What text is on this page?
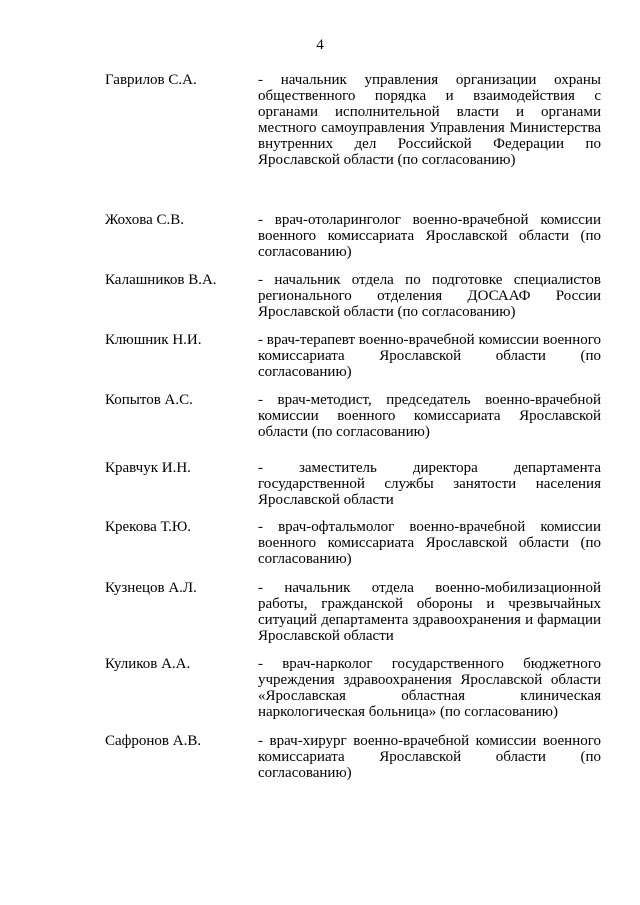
4
Гаврилов С.А.	- начальник управления организации охраны общественного порядка и взаимодействия с органами исполнительной власти и органами местного самоуправления Управления Министерства внутренних дел Российской Федерации по Ярославской области (по согласованию)
Жохова С.В.	- врач-отоларинголог военно-врачебной комиссии военного комиссариата Ярославской области (по согласованию)
Калашников В.А.	- начальник отдела по подготовке специалистов регионального отделения ДОСААФ России Ярославской области (по согласованию)
Клюшник Н.И.	- врач-терапевт военно-врачебной комиссии военного комиссариата Ярославской области (по согласованию)
Копытов А.С.	- врач-методист, председатель военно-врачебной комиссии военного комиссариата Ярославской области (по согласованию)
Кравчук И.Н.	- заместитель директора департамента государственной службы занятости населения Ярославской области
Крекова Т.Ю.	- врач-офтальмолог военно-врачебной комиссии военного комиссариата Ярославской области (по согласованию)
Кузнецов А.Л.	- начальник отдела военно-мобилизационной работы, гражданской обороны и чрезвычайных ситуаций департамента здравоохранения и фармации Ярославской области
Куликов А.А.	- врач-нарколог государственного бюджетного учреждения здравоохранения Ярославской области «Ярославская областная клиническая наркологическая больница» (по согласованию)
Сафронов А.В.	- врач-хирург военно-врачебной комиссии военного комиссариата Ярославской области (по согласованию)
